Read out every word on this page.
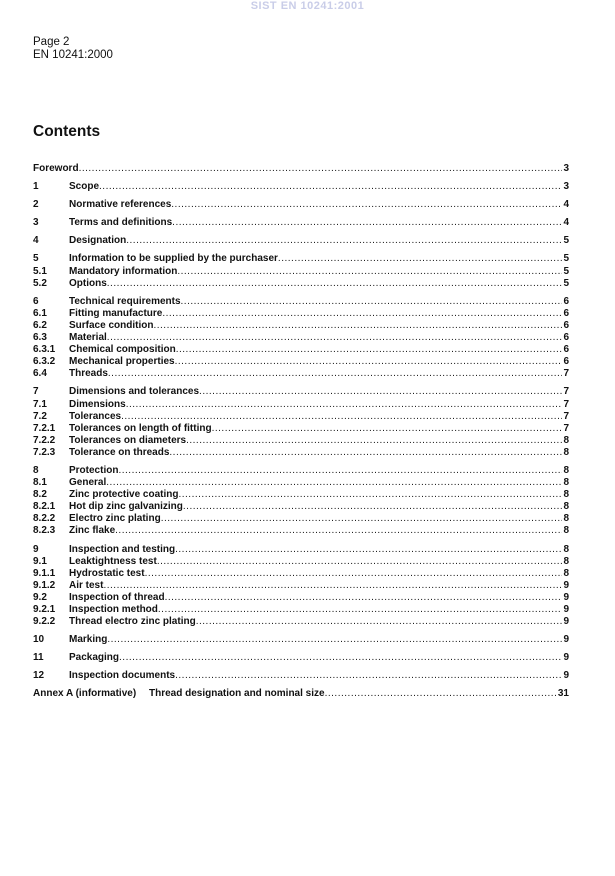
SIST EN 10241:2001
Page 2
EN 10241:2000
Contents
Foreword .....	3
1	Scope .....	3
2	Normative references .....	4
3	Terms and definitions .....	4
4	Designation .....	5
5	Information to be supplied by the purchaser .....	5
5.1	Mandatory information .....	5
5.2	Options .....	5
6	Technical requirements .....	6
6.1	Fitting manufacture .....	6
6.2	Surface condition .....	6
6.3	Material .....	6
6.3.1	Chemical composition .....	6
6.3.2	Mechanical properties .....	6
6.4	Threads .....	7
7	Dimensions and tolerances .....	7
7.1	Dimensions .....	7
7.2	Tolerances .....	7
7.2.1	Tolerances on length of fitting .....	7
7.2.2	Tolerances on diameters .....	8
7.2.3	Tolerance on threads .....	8
8	Protection .....	8
8.1	General .....	8
8.2	Zinc protective coating .....	8
8.2.1	Hot dip zinc galvanizing .....	8
8.2.2	Electro zinc plating .....	8
8.2.3	Zinc flake .....	8
9	Inspection and testing .....	8
9.1	Leaktightness test .....	8
9.1.1	Hydrostatic test .....	8
9.1.2	Air test .....	9
9.2	Inspection of thread .....	9
9.2.1	Inspection method .....	9
9.2.2	Thread electro zinc plating .....	9
10	Marking .....	9
11	Packaging .....	9
12	Inspection documents .....	9
Annex A (informative)	Thread designation and nominal size .....	31
